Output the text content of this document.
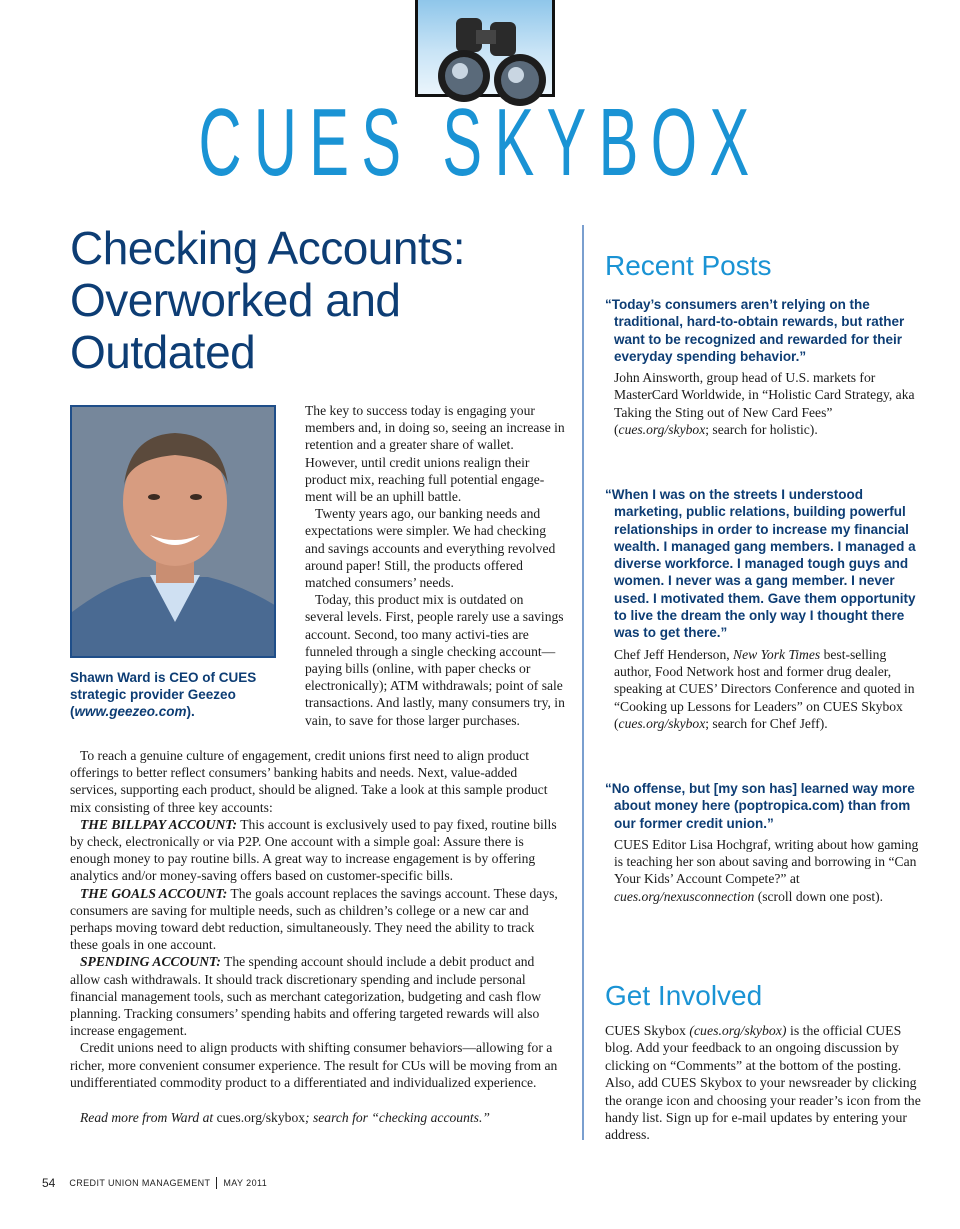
CUES SKYBOX
Checking Accounts: Overworked and Outdated
Shawn Ward is CEO of CUES strategic provider Geezeo (www.geezeo.com).

The key to success today is engaging your members and, in doing so, seeing an increase in retention and a greater share of wallet. However, until credit unions realign their product mix, reaching full potential engage-ment will be an uphill battle.

Twenty years ago, our banking needs and expectations were simpler. We had checking and savings accounts and everything revolved around paper! Still, the products offered matched consumers’ needs.

Today, this product mix is outdated on several levels. First, people rarely use a savings account. Second, too many activi-ties are funneled through a single checking account—paying bills (online, with paper checks or electronically); ATM withdrawals; point of sale transactions. And lastly, many consumers try, in vain, to save for those larger purchases.

To reach a genuine culture of engagement, credit unions first need to align product offerings to better reflect consumers’ banking habits and needs. Next, value-added services, supporting each product, should be aligned. Take a look at this sample product mix consisting of three key accounts:

THE BILLPAY ACCOUNT: This account is exclusively used to pay fixed, routine bills by check, electronically or via P2P. One account with a simple goal: Assure there is enough money to pay routine bills. A great way to increase engagement is by offering analytics and/or money-saving offers based on customer-specific bills.

THE GOALS ACCOUNT: The goals account replaces the savings account. These days, consumers are saving for multiple needs, such as children’s college or a new car and perhaps moving toward debt reduction, simultaneously. They need the ability to track these goals in one account.

SPENDING ACCOUNT: The spending account should include a debit product and allow cash withdrawals. It should track discretionary spending and include personal financial management tools, such as merchant categorization, budgeting and cash flow planning. Tracking consumers’ spending habits and offering targeted rewards will also increase engagement.

Credit unions need to align products with shifting consumer behaviors—allowing for a richer, more convenient consumer experience. The result for CUs will be moving from an undifferentiated commodity product to a differentiated and individualized experience.

Read more from Ward at cues.org/skybox; search for “checking accounts.”

Recent Posts
“Today’s consumers aren’t relying on the traditional, hard-to-obtain rewards, but rather want to be recognized and rewarded for their everyday spending behavior.”
John Ainsworth, group head of U.S. markets for MasterCard Worldwide, in “Holistic Card Strategy, aka Taking the Sting out of New Card Fees” (cues.org/skybox; search for holistic).
“When I was on the streets I understood marketing, public relations, building powerful relationships in order to increase my financial wealth. I managed gang members. I managed a diverse workforce. I managed tough guys and women. I never was a gang member. I never used. I motivated them. Gave them opportunity to live the dream the only way I thought there was to get there.”
Chef Jeff Henderson, New York Times best-selling author, Food Network host and former drug dealer, speaking at CUES’ Directors Conference and quoted in “Cooking up Lessons for Leaders” on CUES Skybox (cues.org/skybox; search for Chef Jeff).
“No offense, but [my son has] learned way more about money here (poptropica.com) than from our former credit union.”
CUES Editor Lisa Hochgraf, writing about how gaming is teaching her son about saving and borrowing in “Can Your Kids’ Account Compete?” at cues.org/nexusconnection (scroll down one post).
Get Involved
CUES Skybox (cues.org/skybox) is the official CUES blog. Add your feedback to an ongoing discussion by clicking on “Comments” at the bottom of the posting. Also, add CUES Skybox to your newsreader by clicking the orange icon and choosing your reader’s icon from the handy list. Sign up for e-mail updates by entering your address.
54 CREDIT UNION MANAGEMENT MAY 2011
